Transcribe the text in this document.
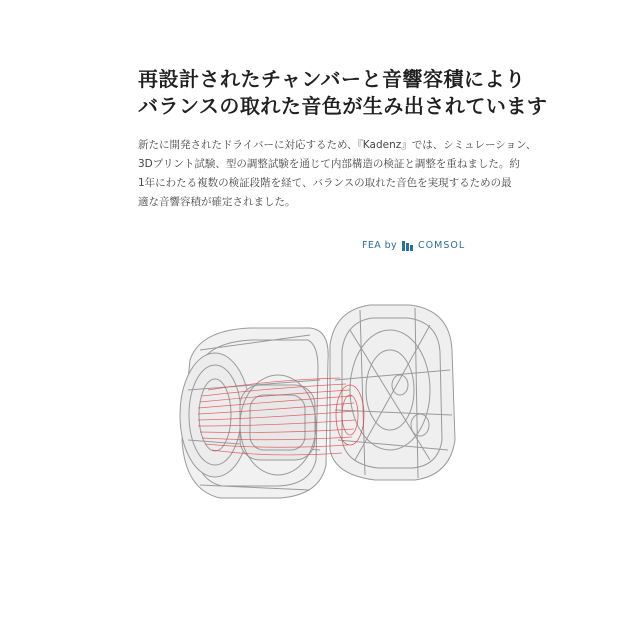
再設計されたチャンバーと音響容積により
バランスの取れた音色が生み出されています

新たに開発されたドライバーに対応するため、『Kadenz』では、シミュレーション、
3Dプリント試験、型の調整試験を通じて内部構造の検証と調整を重ねました。約
1年にわたる複数の検証段階を経て、バランスの取れた音色を実現するための最
適な音響容積が確定されました。

FEA by COMSOL
